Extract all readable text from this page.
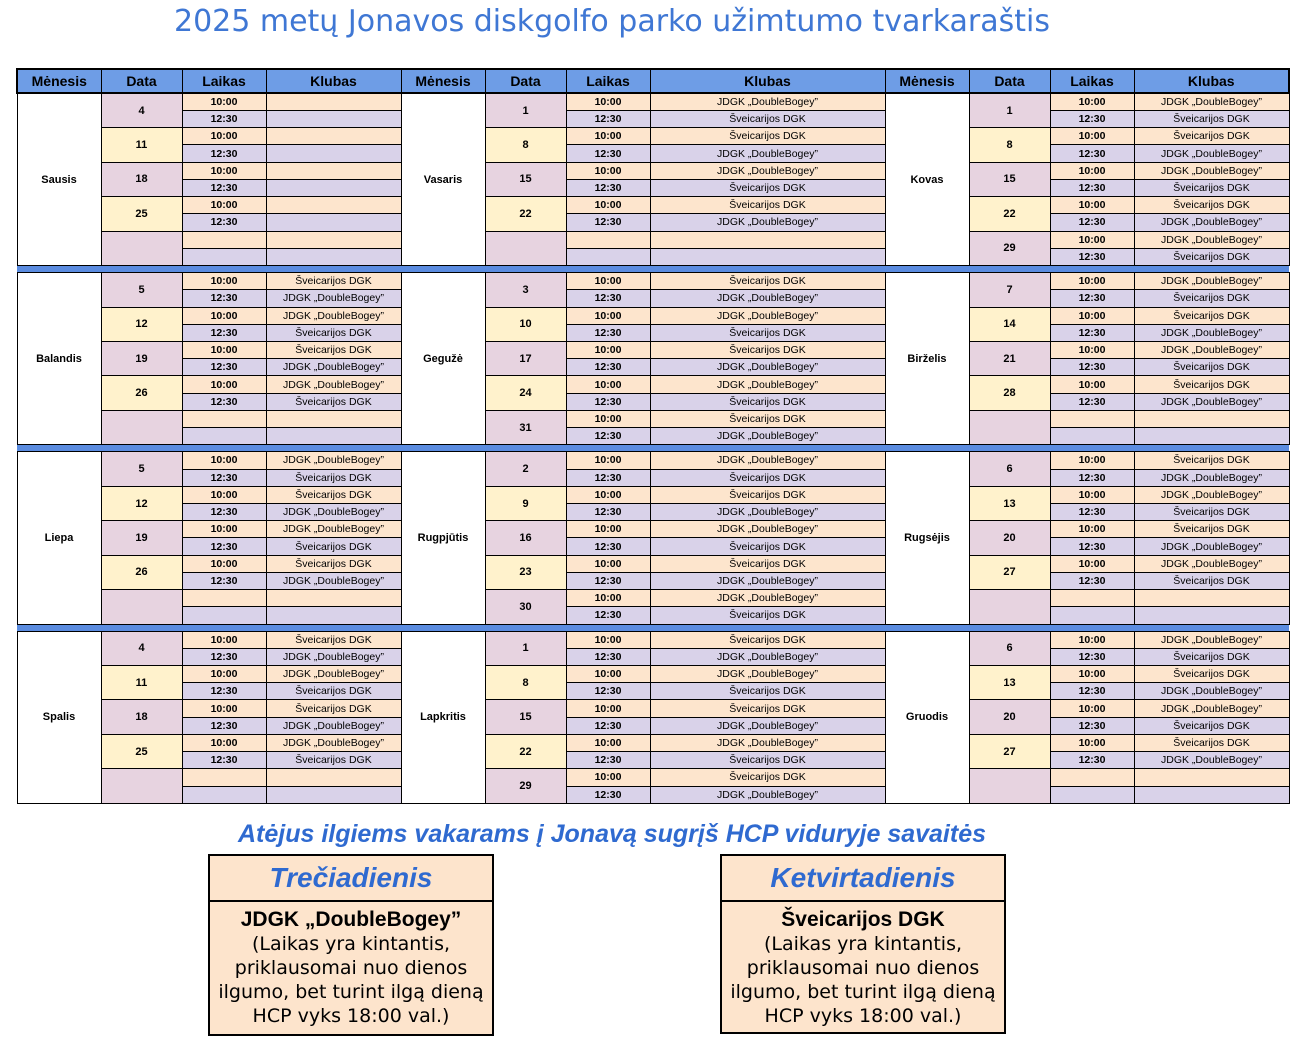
2025 metų Jonavos diskgolfo parko užimtumo tvarkaraštis
Mėnesis	Data	Laikas	Klubas	Mėnesis	Data	Laikas	Klubas	Mėnesis	Data	Laikas	Klubas
Sausis	4	10:00		Vasaris	1	10:00	JDGK „DoubleBogey”	Kovas	1	10:00	JDGK „DoubleBogey”
		12:30				12:30	Šveicarijos DGK			12:30	Šveicarijos DGK
	11	10:00			8	10:00	Šveicarijos DGK		8	10:00	Šveicarijos DGK
		12:30				12:30	JDGK „DoubleBogey”			12:30	JDGK „DoubleBogey”
	18	10:00			15	10:00	JDGK „DoubleBogey”		15	10:00	JDGK „DoubleBogey”
		12:30				12:30	Šveicarijos DGK			12:30	Šveicarijos DGK
	25	10:00			22	10:00	Šveicarijos DGK		22	10:00	Šveicarijos DGK
		12:30				12:30	JDGK „DoubleBogey”			12:30	JDGK „DoubleBogey”
									29	10:00	JDGK „DoubleBogey”
										12:30	Šveicarijos DGK

Balandis	5	10:00	Šveicarijos DGK	Gegužė	3	10:00	Šveicarijos DGK	Birželis	7	10:00	JDGK „DoubleBogey”
		12:30	JDGK „DoubleBogey”			12:30	JDGK „DoubleBogey”			12:30	Šveicarijos DGK
	12	10:00	JDGK „DoubleBogey”		10	10:00	JDGK „DoubleBogey”		14	10:00	Šveicarijos DGK
		12:30	Šveicarijos DGK			12:30	Šveicarijos DGK			12:30	JDGK „DoubleBogey”
	19	10:00	Šveicarijos DGK		17	10:00	Šveicarijos DGK		21	10:00	JDGK „DoubleBogey”
		12:30	JDGK „DoubleBogey”			12:30	JDGK „DoubleBogey”			12:30	Šveicarijos DGK
	26	10:00	JDGK „DoubleBogey”		24	10:00	JDGK „DoubleBogey”		28	10:00	Šveicarijos DGK
		12:30	Šveicarijos DGK			12:30	Šveicarijos DGK			12:30	JDGK „DoubleBogey”
					31	10:00	Šveicarijos DGK				
						12:30	JDGK „DoubleBogey”				

Liepa	5	10:00	JDGK „DoubleBogey”	Rugpjūtis	2	10:00	JDGK „DoubleBogey”	Rugsėjis	6	10:00	Šveicarijos DGK
		12:30	Šveicarijos DGK			12:30	Šveicarijos DGK			12:30	JDGK „DoubleBogey”
	12	10:00	Šveicarijos DGK		9	10:00	Šveicarijos DGK		13	10:00	JDGK „DoubleBogey”
		12:30	JDGK „DoubleBogey”			12:30	JDGK „DoubleBogey”			12:30	Šveicarijos DGK
	19	10:00	JDGK „DoubleBogey”		16	10:00	JDGK „DoubleBogey”		20	10:00	Šveicarijos DGK
		12:30	Šveicarijos DGK			12:30	Šveicarijos DGK			12:30	JDGK „DoubleBogey”
	26	10:00	Šveicarijos DGK		23	10:00	Šveicarijos DGK		27	10:00	JDGK „DoubleBogey”
		12:30	JDGK „DoubleBogey”			12:30	JDGK „DoubleBogey”			12:30	Šveicarijos DGK
					30	10:00	JDGK „DoubleBogey”				
						12:30	Šveicarijos DGK				

Spalis	4	10:00	Šveicarijos DGK	Lapkritis	1	10:00	Šveicarijos DGK	Gruodis	6	10:00	JDGK „DoubleBogey”
		12:30	JDGK „DoubleBogey”			12:30	JDGK „DoubleBogey”			12:30	Šveicarijos DGK
	11	10:00	JDGK „DoubleBogey”		8	10:00	JDGK „DoubleBogey”		13	10:00	Šveicarijos DGK
		12:30	Šveicarijos DGK			12:30	Šveicarijos DGK			12:30	JDGK „DoubleBogey”
	18	10:00	Šveicarijos DGK		15	10:00	Šveicarijos DGK		20	10:00	JDGK „DoubleBogey”
		12:30	JDGK „DoubleBogey”			12:30	JDGK „DoubleBogey”			12:30	Šveicarijos DGK
	25	10:00	JDGK „DoubleBogey”		22	10:00	JDGK „DoubleBogey”		27	10:00	Šveicarijos DGK
		12:30	Šveicarijos DGK			12:30	Šveicarijos DGK			12:30	JDGK „DoubleBogey”
					29	10:00	Šveicarijos DGK				
						12:30	JDGK „DoubleBogey”				
Atėjus ilgiems vakarams į Jonavą sugrįš HCP viduryje savaitės
Trečiadienis
JDGK „DoubleBogey”
(Laikas yra kintantis, priklausomai nuo dienos ilgumo, bet turint ilgą dieną HCP vyks 18:00 val.)
Ketvirtadienis
Šveicarijos DGK
(Laikas yra kintantis, priklausomai nuo dienos ilgumo, bet turint ilgą dieną HCP vyks 18:00 val.)
